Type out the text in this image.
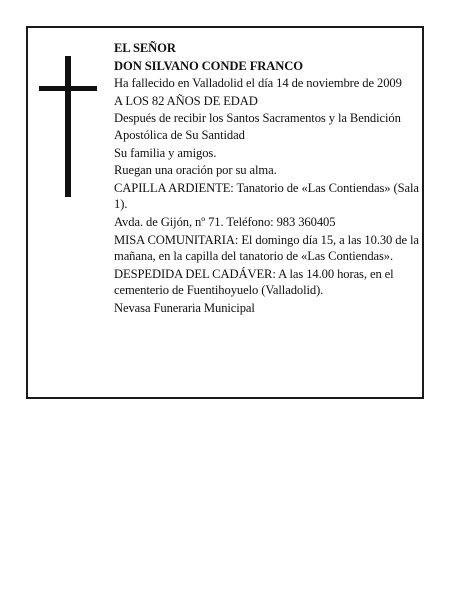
EL SEÑOR

DON SILVANO CONDE FRANCO

Ha fallecido en Valladolid el día 14 de noviembre de 2009

A LOS 82 AÑOS DE EDAD

Después de recibir los Santos Sacramentos y la Bendición Apostólica de Su Santidad

Su familia y amigos.

Ruegan una oración por su alma.

CAPILLA ARDIENTE: Tanatorio de «Las Contiendas» (Sala 1).

Avda. de Gijón, nº 71. Teléfono: 983 360405

MISA COMUNITARIA: El domingo día 15, a las 10.30 de la mañana, en la capilla del tanatorio de «Las Contiendas».

DESPEDIDA DEL CADÁVER: A las 14.00 horas, en el cementerio de Fuentihoyuelo (Valladolid).

Nevasa Funeraria Municipal
